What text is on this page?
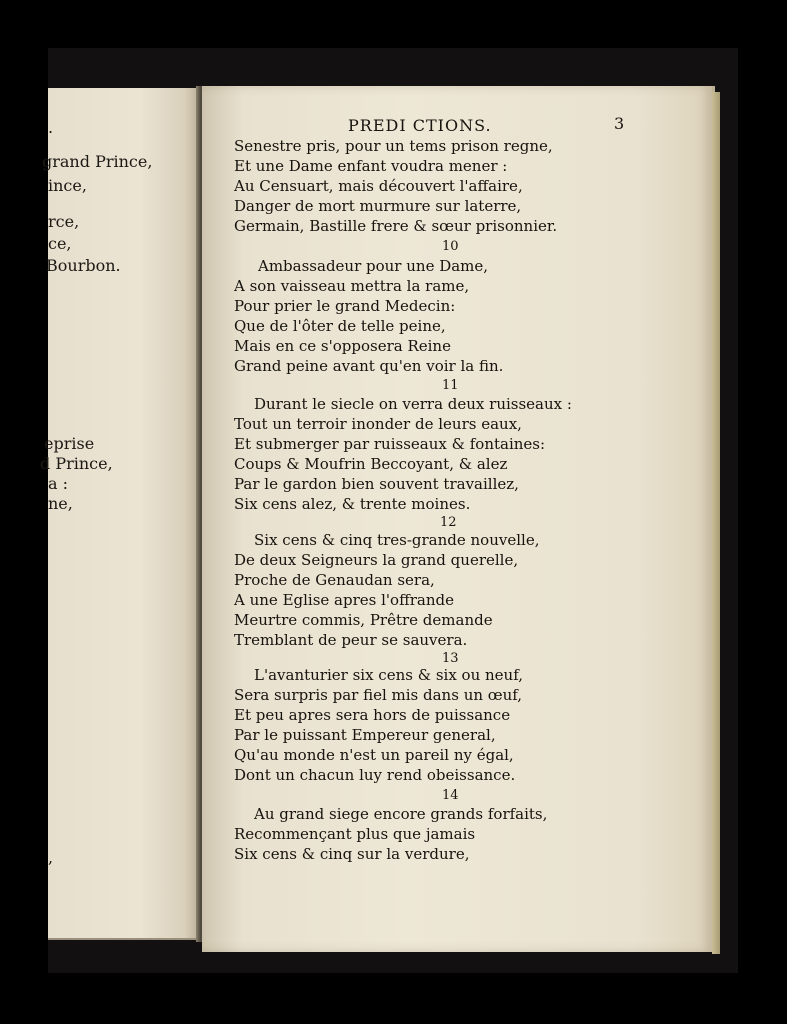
.
grand Prince,
ince,
rce,
ce,
Bourbon.
eprise
d Prince,
a :
ne,
,
PREDI CTIONS.	3
Senestre pris, pour un tems prison regne,
Et une Dame enfant voudra mener :
Au Censuart, mais découvert l'affaire,
Danger de mort murmure sur laterre,
Germain, Bastille frere & sœur prisonnier.
10
Ambassadeur pour une Dame,
A son vaisseau mettra la rame,
Pour prier le grand Medecin:
Que de l'ôter de telle peine,
Mais en ce s'opposera Reine
Grand peine avant qu'en voir la fin.
11
Durant le siecle on verra deux ruisseaux :
Tout un terroir inonder de leurs eaux,
Et submerger par ruisseaux & fontaines:
Coups & Moufrin Beccoyant, & alez
Par le gardon bien souvent travaillez,
Six cens alez, & trente moines.
12
Six cens & cinq tres-grande nouvelle,
De deux Seigneurs la grand querelle,
Proche de Genaudan sera,
A une Eglise apres l'offrande
Meurtre commis, Prêtre demande
Tremblant de peur se sauvera.
13
L'avanturier six cens & six ou neuf,
Sera surpris par fiel mis dans un œuf,
Et peu apres sera hors de puissance
Par le puissant Empereur general,
Qu'au monde n'est un pareil ny égal,
Dont un chacun luy rend obeissance.
14
Au grand siege encore grands forfaits,
Recommençant plus que jamais
Six cens & cinq sur la verdure,
